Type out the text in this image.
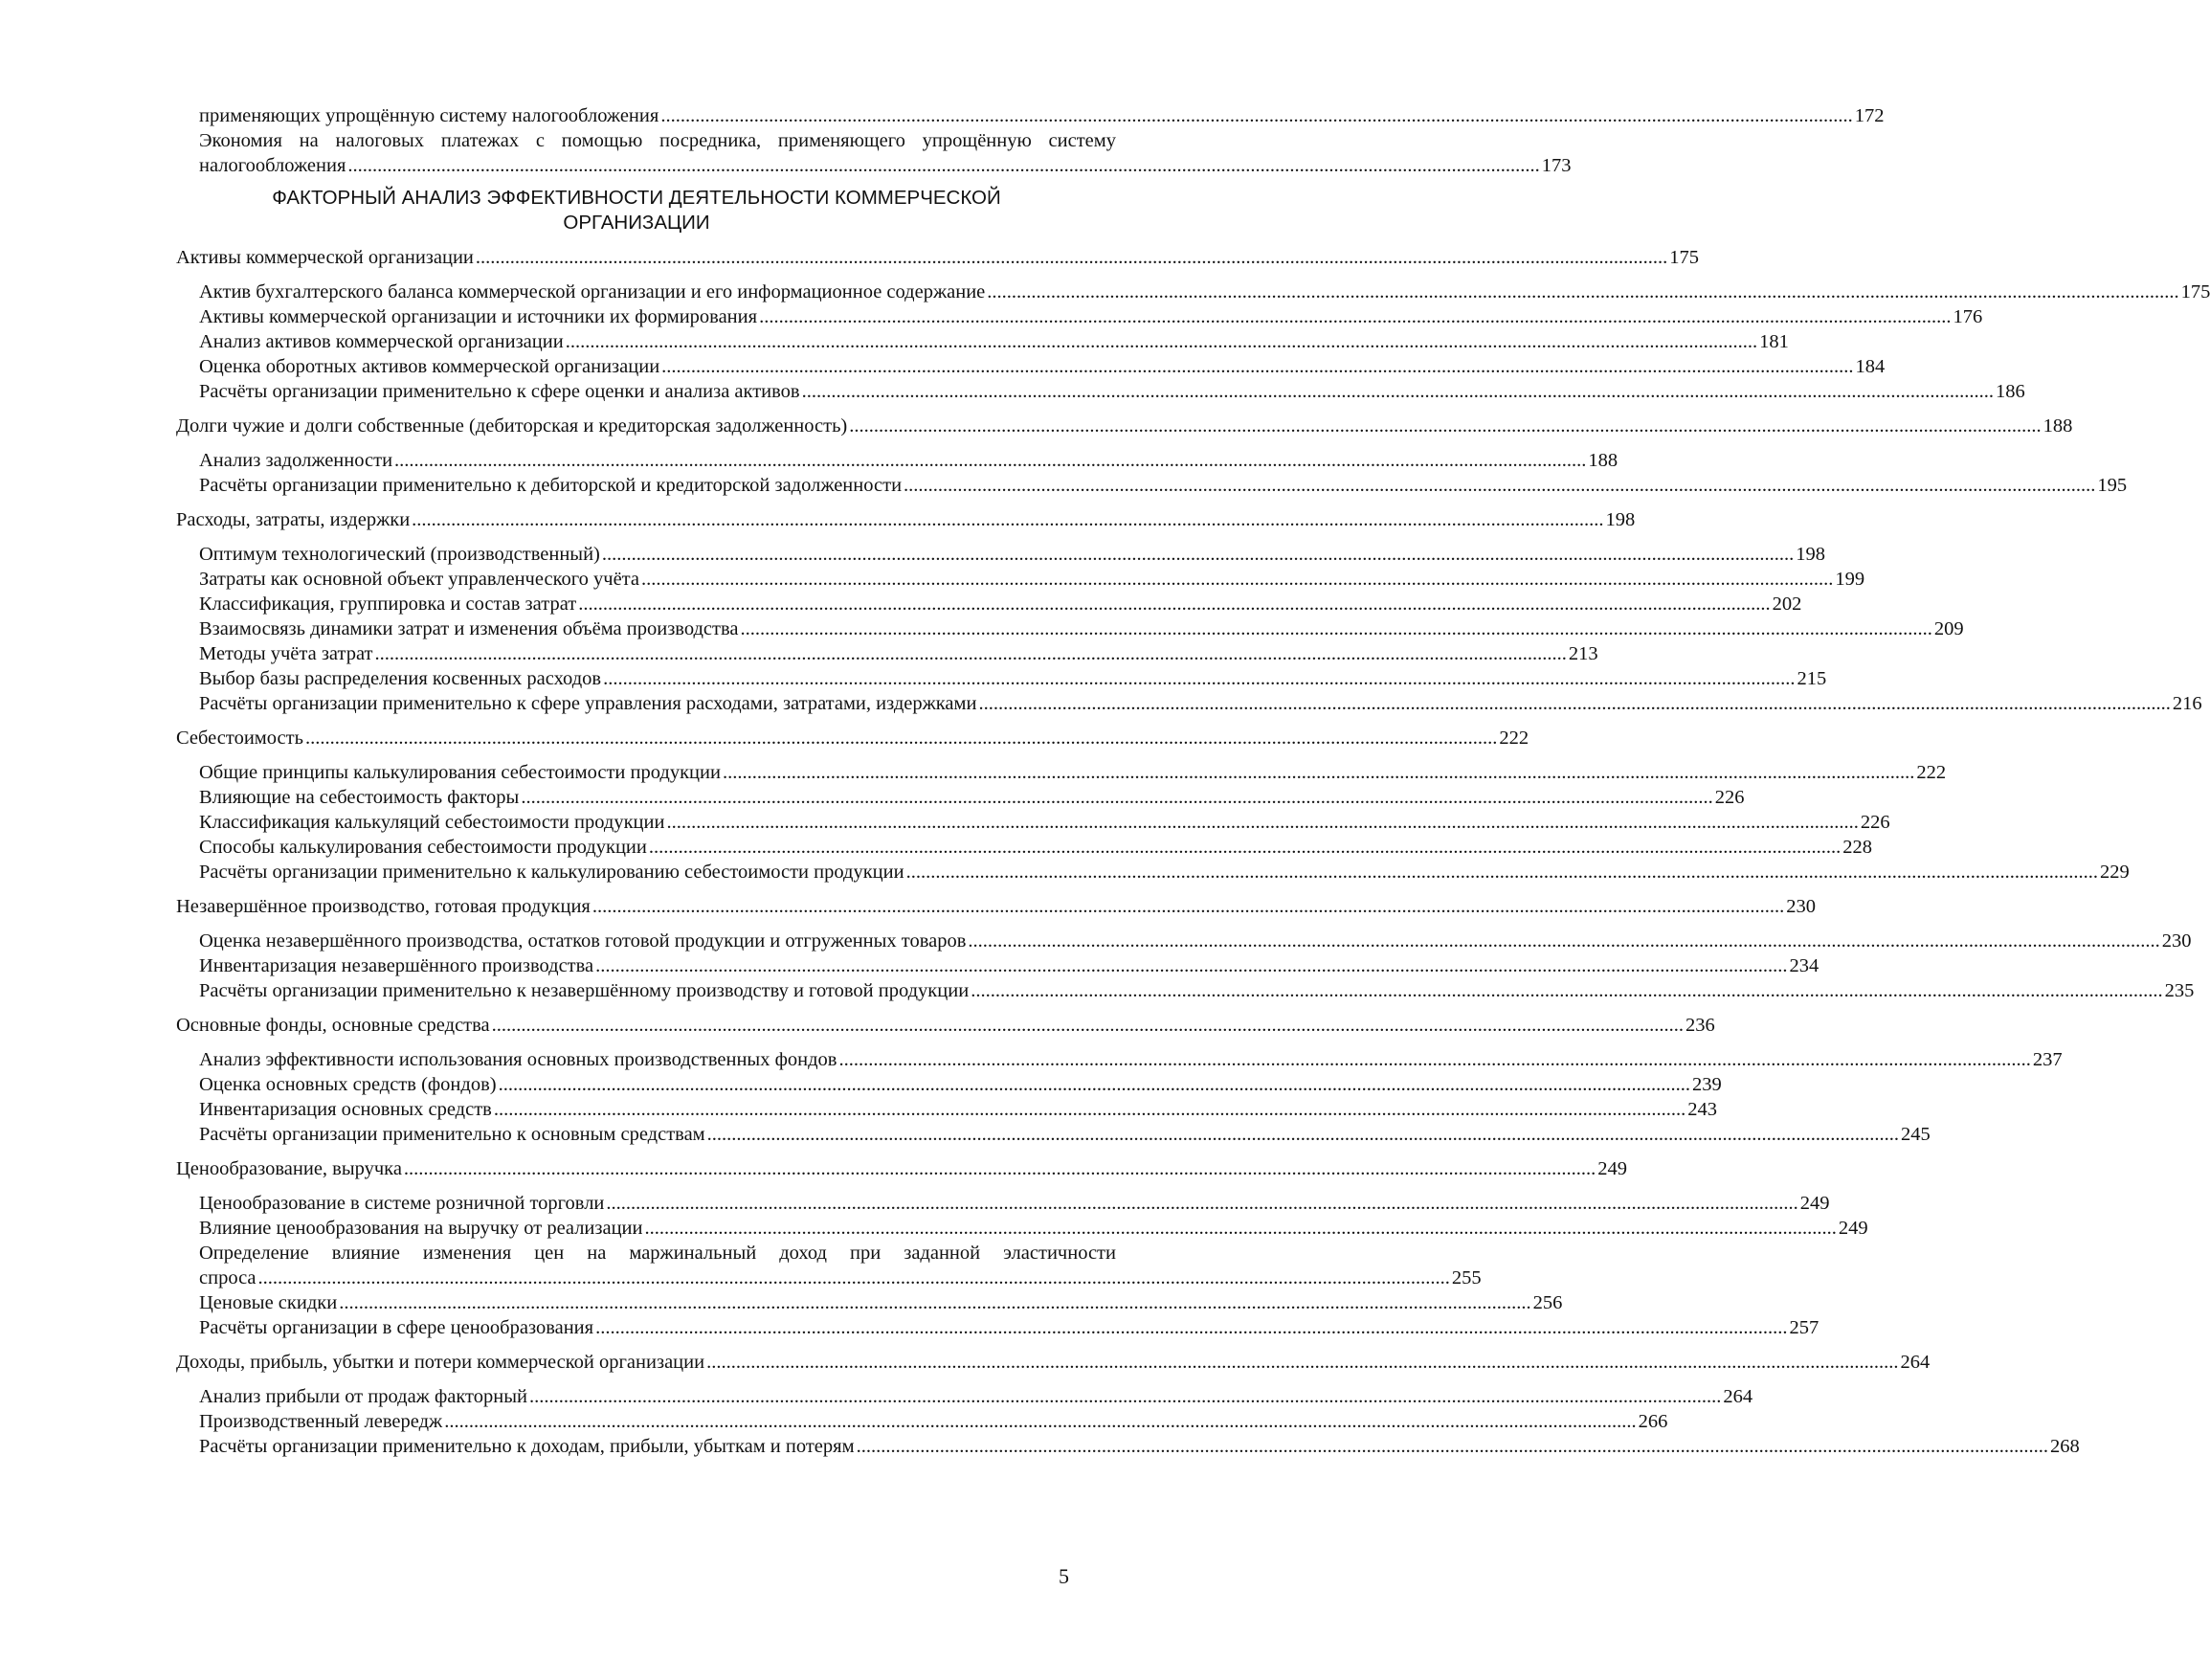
применяющих упрощённую систему налогообложения .....	172
Экономия на налоговых платежах с помощью посредника, применяющего упрощённую систему
налогообложения .....	173
ФАКТОРНЫЙ АНАЛИЗ ЭФФЕКТИВНОСТИ ДЕЯТЕЛЬНОСТИ КОММЕРЧЕСКОЙ
ОРГАНИЗАЦИИ
Активы коммерческой организации .....	175
Актив бухгалтерского баланса коммерческой организации и его информационное содержание .....	175
Активы коммерческой организации и источники их формирования .....	176
Анализ активов коммерческой организации .....	181
Оценка оборотных активов коммерческой организации .....	184
Расчёты организации применительно к сфере оценки и анализа активов .....	186
Долги чужие и долги собственные (дебиторская и кредиторская задолженность) .....	188
Анализ задолженности .....	188
Расчёты организации применительно к дебиторской и кредиторской задолженности .....	195
Расходы, затраты, издержки .....	198
Оптимум технологический (производственный) .....	198
Затраты как основной объект управленческого учёта .....	199
Классификация, группировка и состав затрат .....	202
Взаимосвязь динамики затрат и изменения объёма производства .....	209
Методы учёта затрат .....	213
Выбор базы распределения косвенных расходов .....	215
Расчёты организации применительно к сфере управления расходами, затратами, издержками .....	216
Себестоимость .....	222
Общие принципы калькулирования себестоимости продукции .....	222
Влияющие на себестоимость факторы .....	226
Классификация калькуляций себестоимости продукции .....	226
Способы калькулирования себестоимости продукции .....	228
Расчёты организации применительно к калькулированию себестоимости продукции .....	229
Незавершённое производство, готовая продукция .....	230
Оценка незавершённого производства, остатков готовой продукции и отгруженных товаров .....	230
Инвентаризация незавершённого производства .....	234
Расчёты организации применительно к незавершённому производству и готовой продукции .....	235
Основные фонды, основные средства .....	236
Анализ эффективности использования основных производственных фондов .....	237
Оценка основных средств (фондов) .....	239
Инвентаризация основных средств .....	243
Расчёты организации применительно к основным средствам .....	245
Ценообразование, выручка .....	249
Ценообразование в системе розничной торговли .....	249
Влияние ценообразования на выручку от реализации .....	249
Определение влияние изменения цен на маржинальный доход при заданной эластичности
спроса .....	255
Ценовые скидки .....	256
Расчёты организации в сфере ценообразования .....	257
Доходы, прибыль, убытки и потери коммерческой организации .....	264
Анализ прибыли от продаж факторный .....	264
Производственный левередж .....	266
Расчёты организации применительно к доходам, прибыли, убыткам и потерям .....	268
5
